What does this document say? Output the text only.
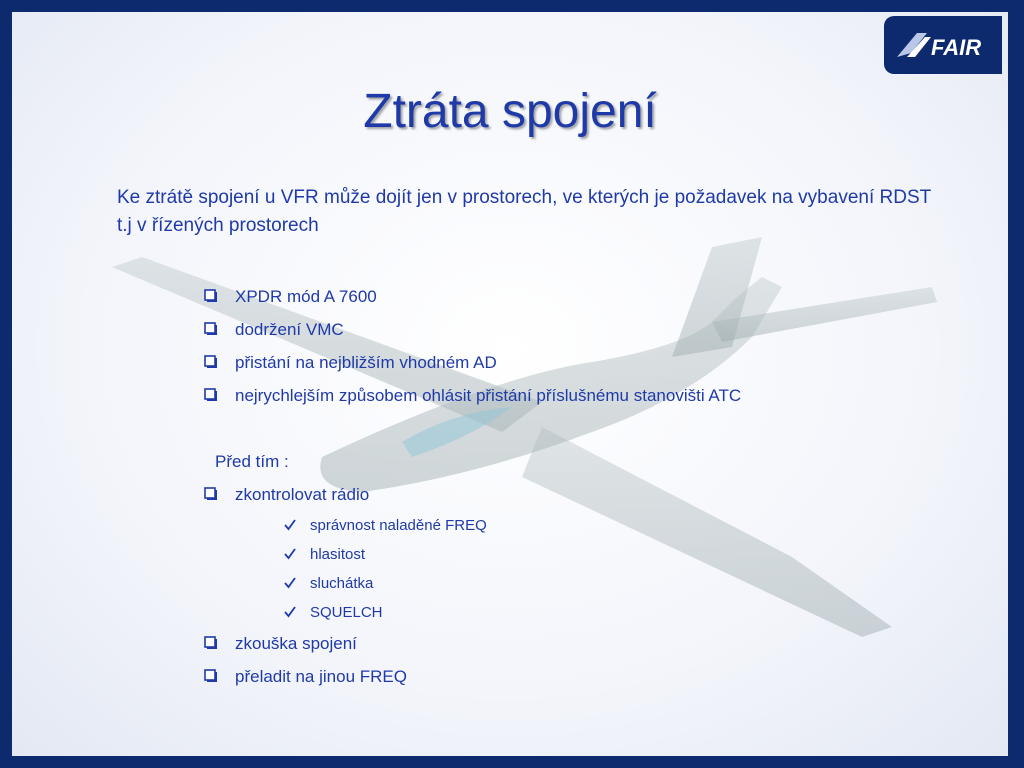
FAIR
Ztráta spojení

Ke ztrátě spojení u VFR může dojít jen v prostorech, ve kterých je požadavek na vybavení RDST t.j v řízených prostorech

XPDR mód A 7600
dodržení VMC
přistání na nejbližším vhodném AD
nejrychlejším způsobem ohlásit přistání příslušnému stanovišti ATC
Před tím :
zkontrolovat rádio
správnost naladěné FREQ
hlasitost
sluchátka
SQUELCH
zkouška spojení
přeladit na jinou FREQ
